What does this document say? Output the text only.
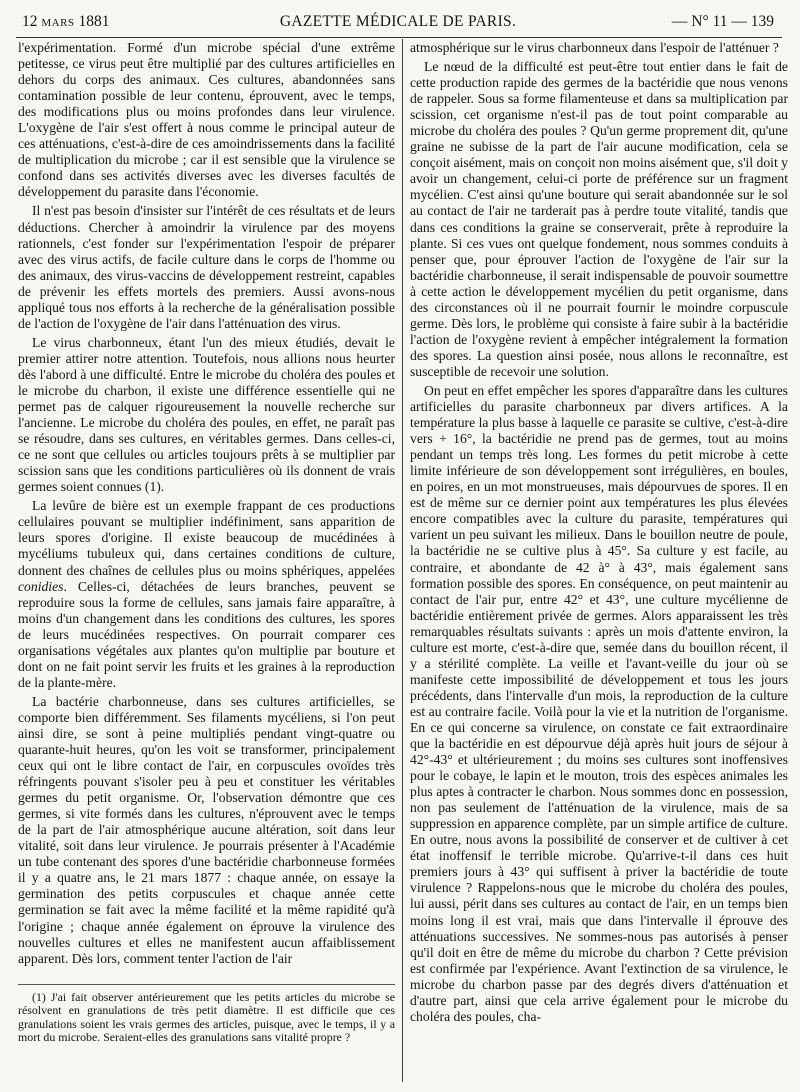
12 MARS 1881	GAZETTE MÉDICALE DE PARIS.	— N° 11 — 139

l'expérimentation. Formé d'un microbe spécial d'une extrême petitesse, ce virus peut être multiplié par des cultures artificielles en dehors du corps des animaux. Ces cultures, abandonnées sans contamination possible de leur contenu, éprouvent, avec le temps, des modifications plus ou moins profondes dans leur virulence. L'oxygène de l'air s'est offert à nous comme le principal auteur de ces atténuations, c'est-à-dire de ces amoindrissements dans la facilité de multiplication du microbe ; car il est sensible que la virulence se confond dans ses activités diverses avec les diverses facultés de développement du parasite dans l'économie.

Il n'est pas besoin d'insister sur l'intérêt de ces résultats et de leurs déductions. Chercher à amoindrir la virulence par des moyens rationnels, c'est fonder sur l'expérimentation l'espoir de préparer avec des virus actifs, de facile culture dans le corps de l'homme ou des animaux, des virus-vaccins de développement restreint, capables de prévenir les effets mortels des premiers. Aussi avons-nous appliqué tous nos efforts à la recherche de la généralisation possible de l'action de l'oxygène de l'air dans l'atténuation des virus.

Le virus charbonneux, étant l'un des mieux étudiés, devait le premier attirer notre attention. Toutefois, nous allions nous heurter dès l'abord à une difficulté. Entre le microbe du choléra des poules et le microbe du charbon, il existe une différence essentielle qui ne permet pas de calquer rigoureusement la nouvelle recherche sur l'ancienne. Le microbe du choléra des poules, en effet, ne paraît pas se résoudre, dans ses cultures, en véritables germes. Dans celles-ci, ce ne sont que cellules ou articles toujours prêts à se multiplier par scission sans que les conditions particulières où ils donnent de vrais germes soient connues (1).

La levûre de bière est un exemple frappant de ces productions cellulaires pouvant se multiplier indéfiniment, sans apparition de leurs spores d'origine. Il existe beaucoup de mucédinées à mycéliums tubuleux qui, dans certaines conditions de culture, donnent des chaînes de cellules plus ou moins sphériques, appelées conidies. Celles-ci, détachées de leurs branches, peuvent se reproduire sous la forme de cellules, sans jamais faire apparaître, à moins d'un changement dans les conditions des cultures, les spores de leurs mucédinées respectives. On pourrait comparer ces organisations végétales aux plantes qu'on multiplie par bouture et dont on ne fait point servir les fruits et les graines à la reproduction de la plante-mère.

La bactérie charbonneuse, dans ses cultures artificielles, se comporte bien différemment. Ses filaments mycéliens, si l'on peut ainsi dire, se sont à peine multipliés pendant vingt-quatre ou quarante-huit heures, qu'on les voit se transformer, principalement ceux qui ont le libre contact de l'air, en corpuscules ovoïdes très réfringents pouvant s'isoler peu à peu et constituer les véritables germes du petit organisme. Or, l'observation démontre que ces germes, si vite formés dans les cultures, n'éprouvent avec le temps de la part de l'air atmosphérique aucune altération, soit dans leur vitalité, soit dans leur virulence. Je pourrais présenter à l'Académie un tube contenant des spores d'une bactéridie charbonneuse formées il y a quatre ans, le 21 mars 1877 : chaque année, on essaye la germination des petits corpuscules et chaque année cette germination se fait avec la même facilité et la même rapidité qu'à l'origine ; chaque année également on éprouve la virulence des nouvelles cultures et elles ne manifestent aucun affaiblissement apparent. Dès lors, comment tenter l'action de l'air

(1) J'ai fait observer antérieurement que les petits articles du microbe se résolvent en granulations de très petit diamètre. Il est difficile que ces granulations soient les vrais germes des articles, puisque, avec le temps, il y a mort du microbe. Seraient-elles des granulations sans vitalité propre ?

atmosphérique sur le virus charbonneux dans l'espoir de l'atténuer ?

Le nœud de la difficulté est peut-être tout entier dans le fait de cette production rapide des germes de la bactéridie que nous venons de rappeler. Sous sa forme filamenteuse et dans sa multiplication par scission, cet organisme n'est-il pas de tout point comparable au microbe du choléra des poules ? Qu'un germe proprement dit, qu'une graine ne subisse de la part de l'air aucune modification, cela se conçoit aisément, mais on conçoit non moins aisément que, s'il doit y avoir un changement, celui-ci porte de préférence sur un fragment mycélien. C'est ainsi qu'une bouture qui serait abandonnée sur le sol au contact de l'air ne tarderait pas à perdre toute vitalité, tandis que dans ces conditions la graine se conserverait, prête à reproduire la plante. Si ces vues ont quelque fondement, nous sommes conduits à penser que, pour éprouver l'action de l'oxygène de l'air sur la bactéridie charbonneuse, il serait indispensable de pouvoir soumettre à cette action le développement mycélien du petit organisme, dans des circonstances où il ne pourrait fournir le moindre corpuscule germe. Dès lors, le problème qui consiste à faire subir à la bactéridie l'action de l'oxygène revient à empêcher intégralement la formation des spores. La question ainsi posée, nous allons le reconnaître, est susceptible de recevoir une solution.

On peut en effet empêcher les spores d'apparaître dans les cultures artificielles du parasite charbonneux par divers artifices. A la température la plus basse à laquelle ce parasite se cultive, c'est-à-dire vers + 16°, la bactéridie ne prend pas de germes, tout au moins pendant un temps très long. Les formes du petit microbe à cette limite inférieure de son développement sont irrégulières, en boules, en poires, en un mot monstrueuses, mais dépourvues de spores. Il en est de même sur ce dernier point aux températures les plus élevées encore compatibles avec la culture du parasite, températures qui varient un peu suivant les milieux. Dans le bouillon neutre de poule, la bactéridie ne se cultive plus à 45°. Sa culture y est facile, au contraire, et abondante de 42 à° à 43°, mais également sans formation possible des spores. En conséquence, on peut maintenir au contact de l'air pur, entre 42° et 43°, une culture mycélienne de bactéridie entièrement privée de germes. Alors apparaissent les très remarquables résultats suivants : après un mois d'attente environ, la culture est morte, c'est-à-dire que, semée dans du bouillon récent, il y a stérilité complète. La veille et l'avant-veille du jour où se manifeste cette impossibilité de développement et tous les jours précédents, dans l'intervalle d'un mois, la reproduction de la culture est au contraire facile. Voilà pour la vie et la nutrition de l'organisme. En ce qui concerne sa virulence, on constate ce fait extraordinaire que la bactéridie en est dépourvue déjà après huit jours de séjour à 42°-43° et ultérieurement ; du moins ses cultures sont inoffensives pour le cobaye, le lapin et le mouton, trois des espèces animales les plus aptes à contracter le charbon. Nous sommes donc en possession, non pas seulement de l'atténuation de la virulence, mais de sa suppression en apparence complète, par un simple artifice de culture. En outre, nous avons la possibilité de conserver et de cultiver à cet état inoffensif le terrible microbe. Qu'arrive-t-il dans ces huit premiers jours à 43° qui suffisent à priver la bactéridie de toute virulence ? Rappelons-nous que le microbe du choléra des poules, lui aussi, périt dans ses cultures au contact de l'air, en un temps bien moins long il est vrai, mais que dans l'intervalle il éprouve des atténuations successives. Ne sommes-nous pas autorisés à penser qu'il doit en être de même du microbe du charbon ? Cette prévision est confirmée par l'expérience. Avant l'extinction de sa virulence, le microbe du charbon passe par des degrés divers d'atténuation et d'autre part, ainsi que cela arrive également pour le microbe du choléra des poules, cha-
